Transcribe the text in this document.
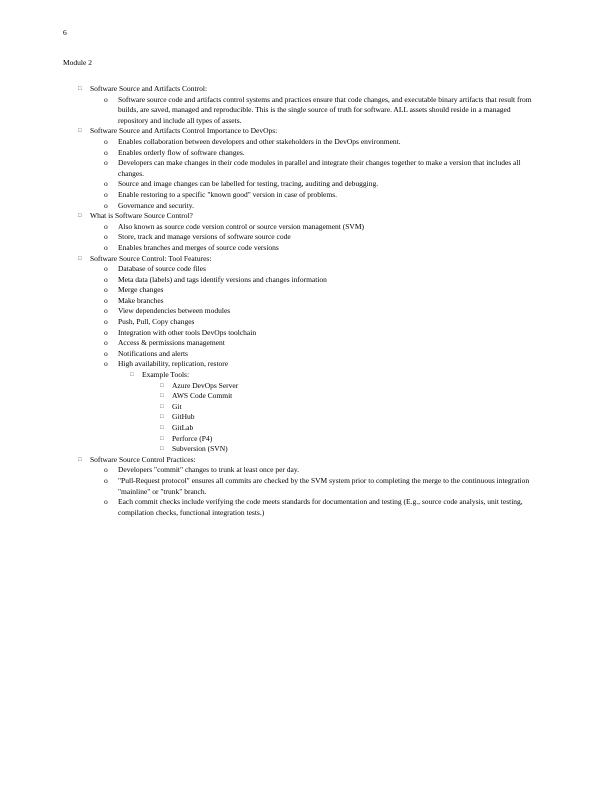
6
Module 2
□	Software Source and Artifacts Control:
o	Software source code and artifacts control systems and practices ensure that code changes, and executable binary artifacts that result from builds, are saved, managed and reproducible. This is the single source of truth for software. ALL assets should reside in a managed repository and include all types of assets.
□	Software Source and Artifacts Control Importance to DevOps:
o	Enables collaboration between developers and other stakeholders in the DevOps environment.
o	Enables orderly flow of software changes.
o	Developers can make changes in their code modules in parallel and integrate their changes together to make a version that includes all changes.
o	Source and image changes can be labelled for testing, tracing, auditing and debugging.
o	Enable restoring to a specific "known good" version in case of problems.
o	Governance and security.
□	What is Software Source Control?
o	Also known as source code version control or source version management (SVM)
o	Store, track and manage versions of software source code
o	Enables branches and merges of source code versions
□	Software Source Control: Tool Features:
o	Database of source code files
o	Meta data (labels) and tags identify versions and changes information
o	Merge changes
o	Make branches
o	View dependencies between modules
o	Push, Pull, Copy changes
o	Integration with other tools DevOps toolchain
o	Access & permissions management
o	Notifications and alerts
o	High availability, replication, restore
□	Example Tools:
□	Azure DevOps Server
□	AWS Code Commit
□	Git
□	GitHub
□	GitLab
□	Perforce (P4)
□	Subversion (SVN)
□	Software Source Control Practices:
o	Developers "commit" changes to trunk at least once per day.
o	"Pull-Request protocol" ensures all commits are checked by the SVM system prior to completing the merge to the continuous integration "mainline" or "trunk" branch.
o	Each commit checks include verifying the code meets standards for documentation and testing (E.g., source code analysis, unit testing, compilation checks, functional integration tests.)
